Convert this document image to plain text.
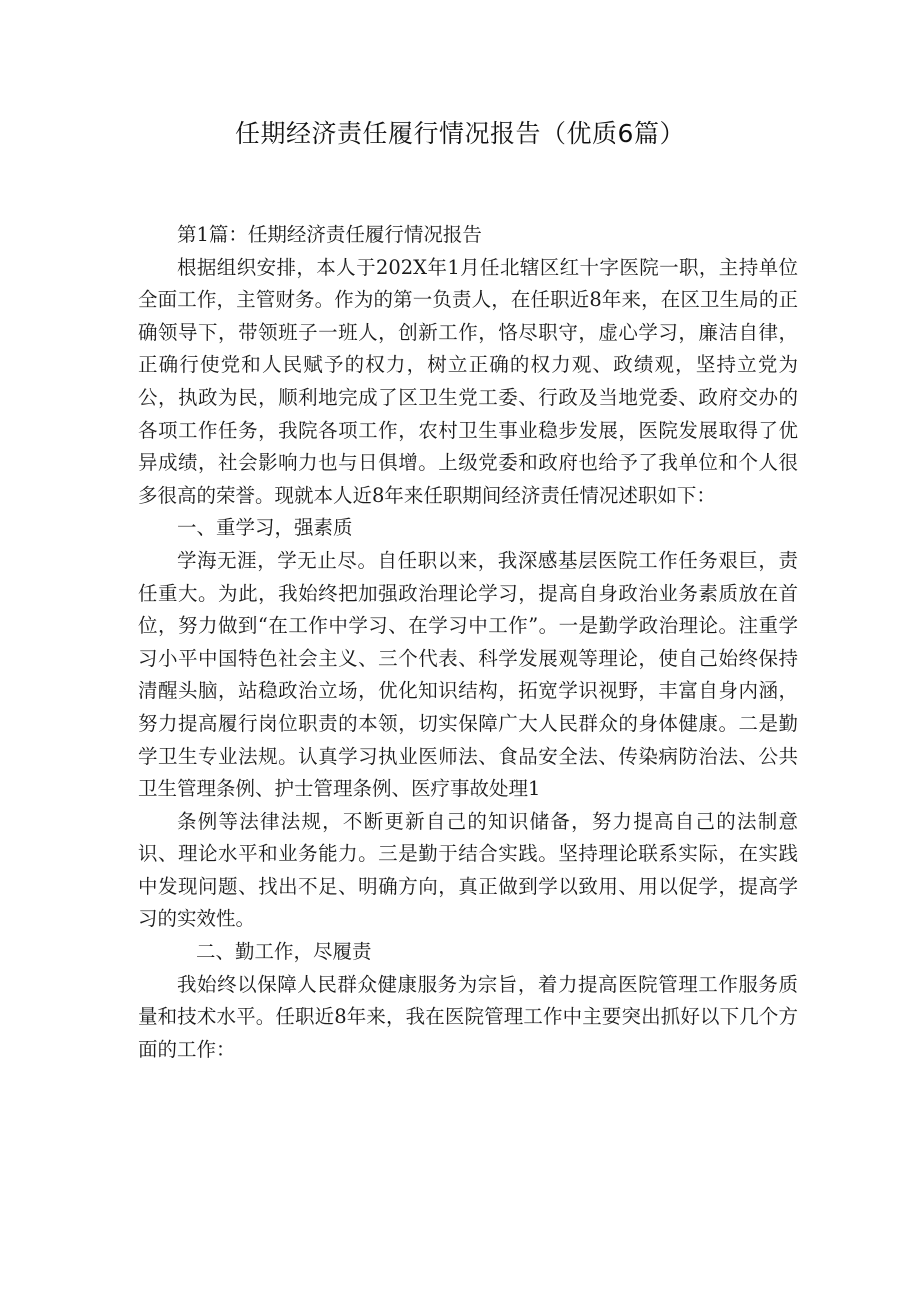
任期经济责任履行情况报告（优质6篇）

第1篇：任期经济责任履行情况报告

根据组织安排，本人于202X年1月任北辖区红十字医院一职，主持单位全面工作，主管财务。作为的第一负责人，在任职近8年来，在区卫生局的正确领导下，带领班子一班人，创新工作，恪尽职守，虚心学习，廉洁自律，正确行使党和人民赋予的权力，树立正确的权力观、政绩观，坚持立党为公，执政为民，顺利地完成了区卫生党工委、行政及当地党委、政府交办的各项工作任务，我院各项工作，农村卫生事业稳步发展，医院发展取得了优异成绩，社会影响力也与日俱增。上级党委和政府也给予了我单位和个人很多很高的荣誉。现就本人近8年来任职期间经济责任情况述职如下：

一、重学习，强素质

学海无涯，学无止尽。自任职以来，我深感基层医院工作任务艰巨，责任重大。为此，我始终把加强政治理论学习，提高自身政治业务素质放在首位，努力做到“在工作中学习、在学习中工作”。一是勤学政治理论。注重学习小平中国特色社会主义、三个代表、科学发展观等理论，使自己始终保持清醒头脑，站稳政治立场，优化知识结构，拓宽学识视野，丰富自身内涵，努力提高履行岗位职责的本领，切实保障广大人民群众的身体健康。二是勤学卫生专业法规。认真学习执业医师法、食品安全法、传染病防治法、公共卫生管理条例、护士管理条例、医疗事故处理1

条例等法律法规，不断更新自己的知识储备，努力提高自己的法制意识、理论水平和业务能力。三是勤于结合实践。坚持理论联系实际，在实践中发现问题、找出不足、明确方向，真正做到学以致用、用以促学，提高学习的实效性。

二、勤工作，尽履责

我始终以保障人民群众健康服务为宗旨，着力提高医院管理工作服务质量和技术水平。任职近8年来，我在医院管理工作中主要突出抓好以下几个方面的工作：
